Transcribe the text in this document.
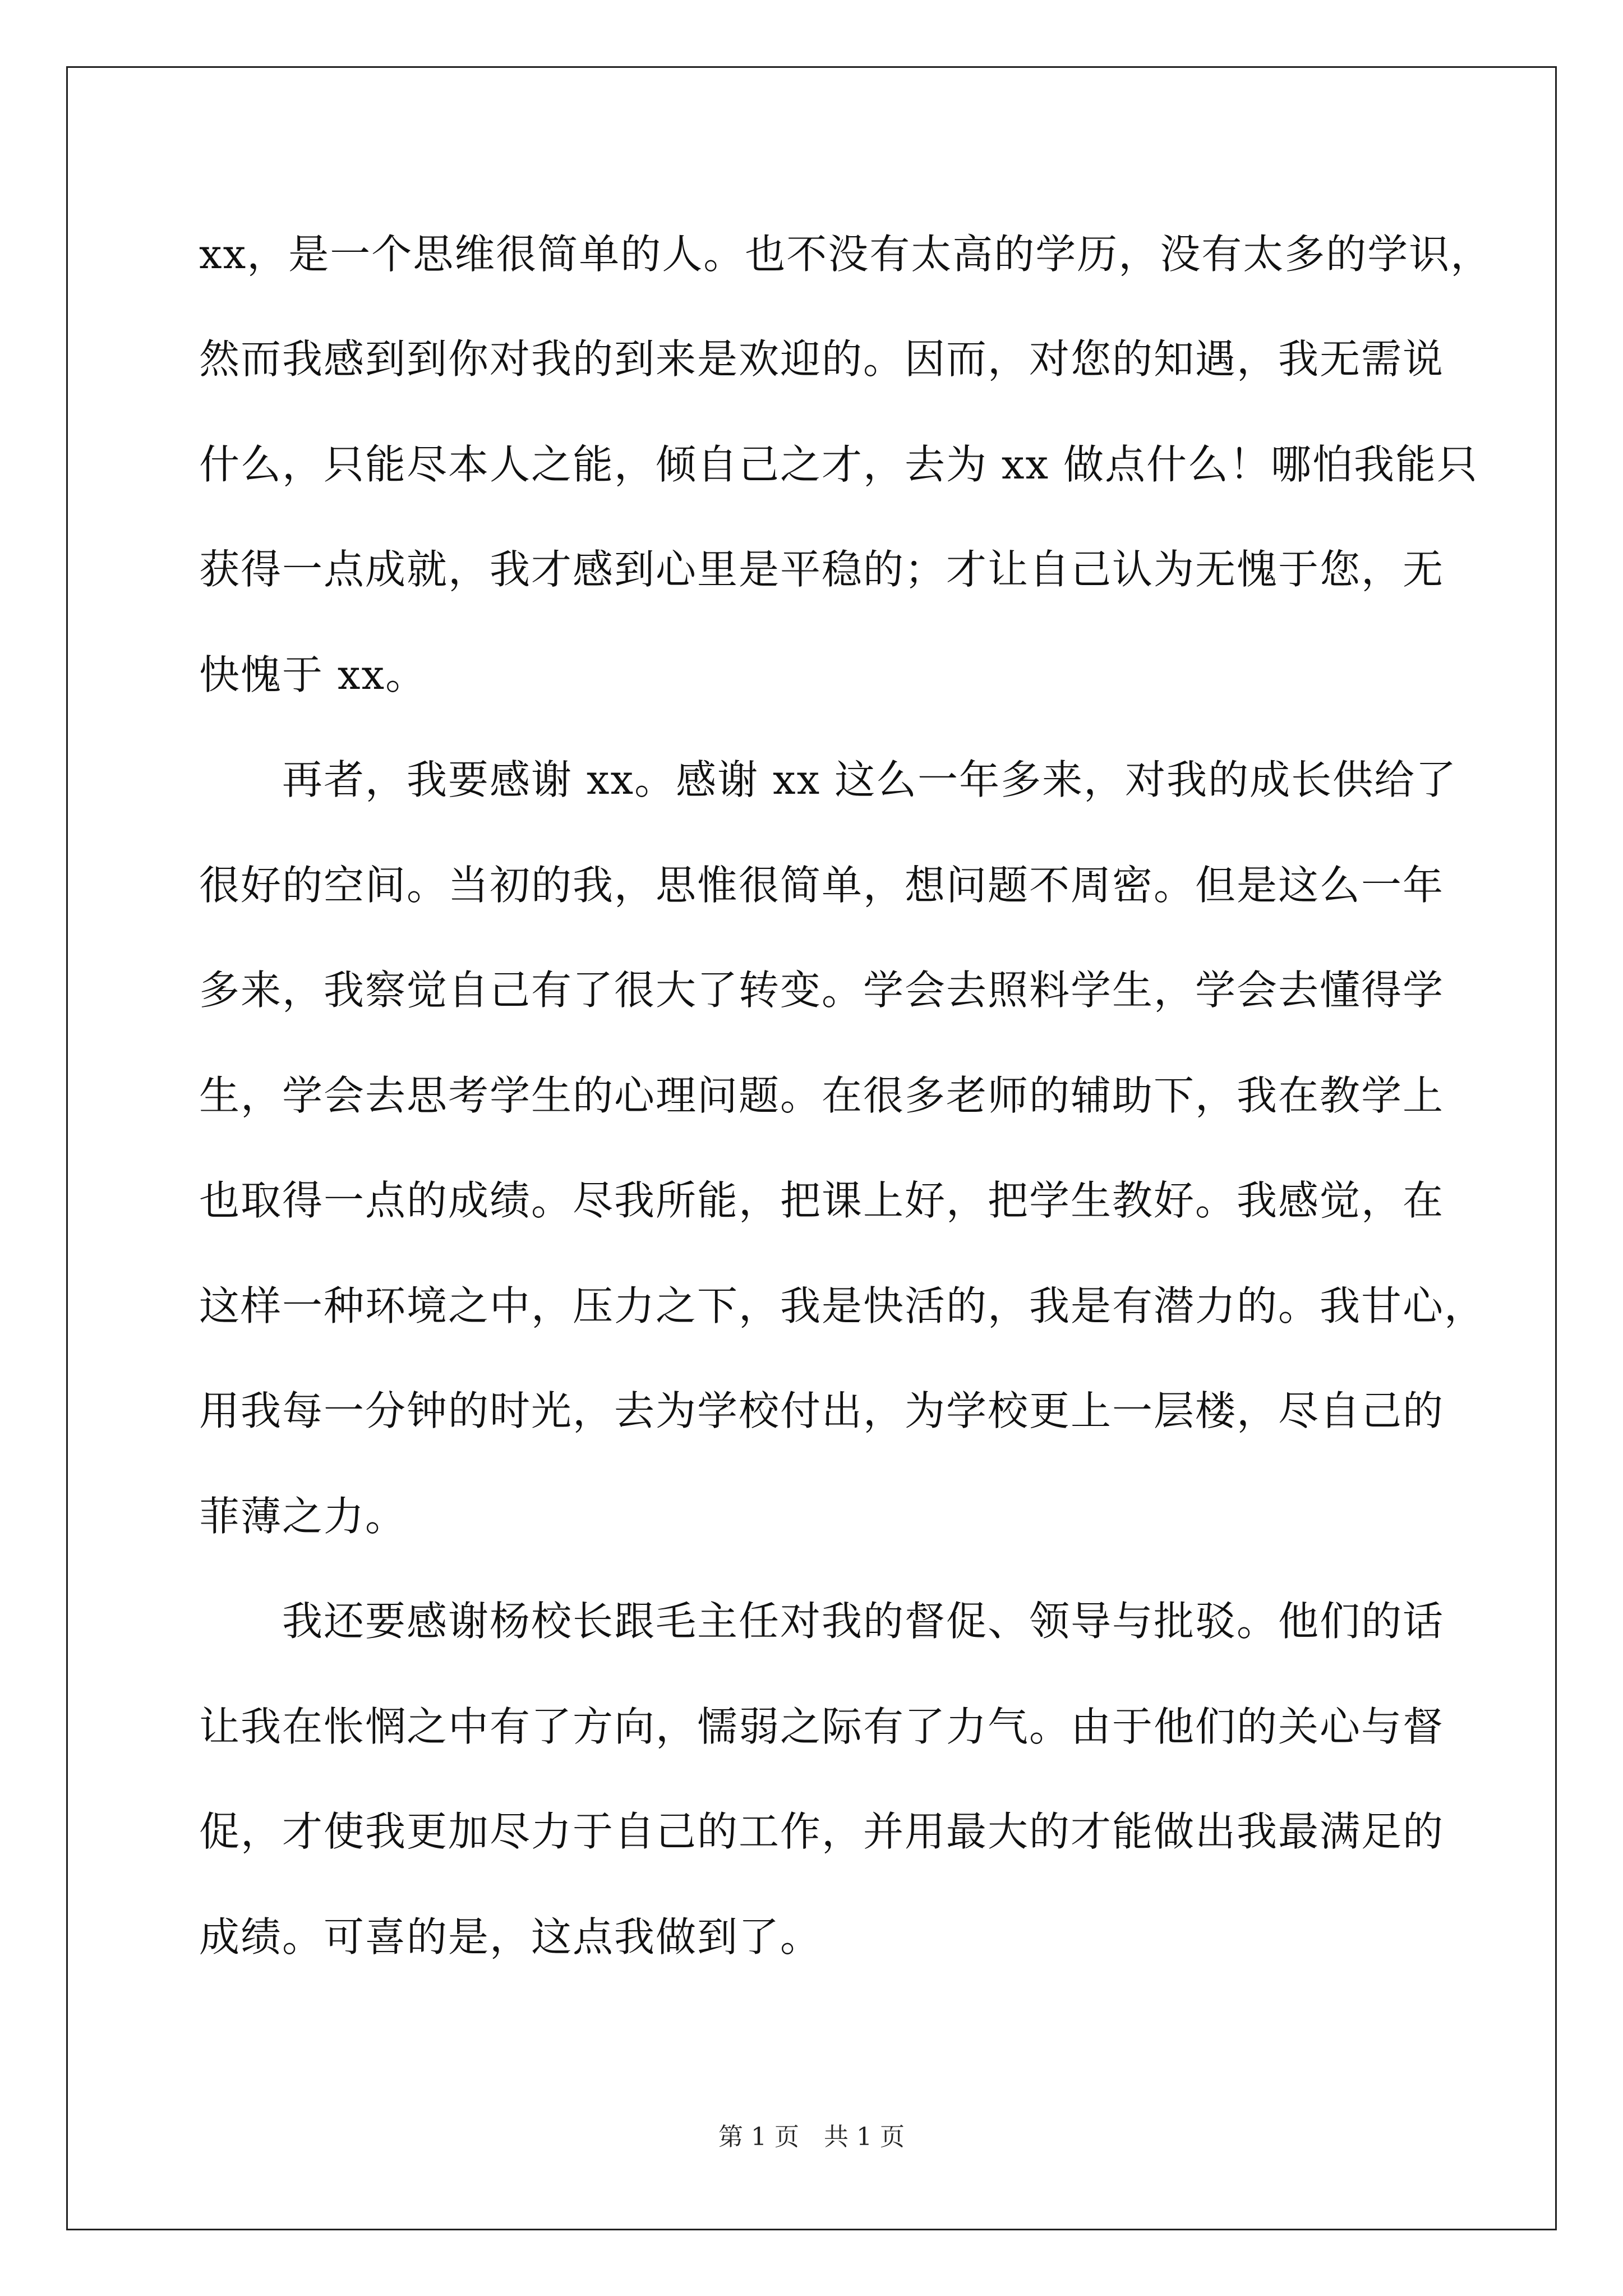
xx，是一个思维很简单的人。也不没有太高的学历，没有太多的学识，
然而我感到到你对我的到来是欢迎的。因而，对您的知遇，我无需说
什么，只能尽本人之能，倾自己之才，去为 xx 做点什么！哪怕我能只
获得一点成就，我才感到心里是平稳的；才让自己认为无愧于您，无
快愧于 xx。
　　再者，我要感谢 xx。感谢 xx 这么一年多来，对我的成长供给了
很好的空间。当初的我，思惟很简单，想问题不周密。但是这么一年
多来，我察觉自己有了很大了转变。学会去照料学生，学会去懂得学
生，学会去思考学生的心理问题。在很多老师的辅助下，我在教学上
也取得一点的成绩。尽我所能，把课上好，把学生教好。我感觉，在
这样一种环境之中，压力之下，我是快活的，我是有潜力的。我甘心，
用我每一分钟的时光，去为学校付出，为学校更上一层楼，尽自己的
菲薄之力。
　　我还要感谢杨校长跟毛主任对我的督促、领导与批驳。他们的话
让我在怅惘之中有了方向，懦弱之际有了力气。由于他们的关心与督
促，才使我更加尽力于自己的工作，并用最大的才能做出我最满足的
成绩。可喜的是，这点我做到了。
第 1 页　共 1 页
